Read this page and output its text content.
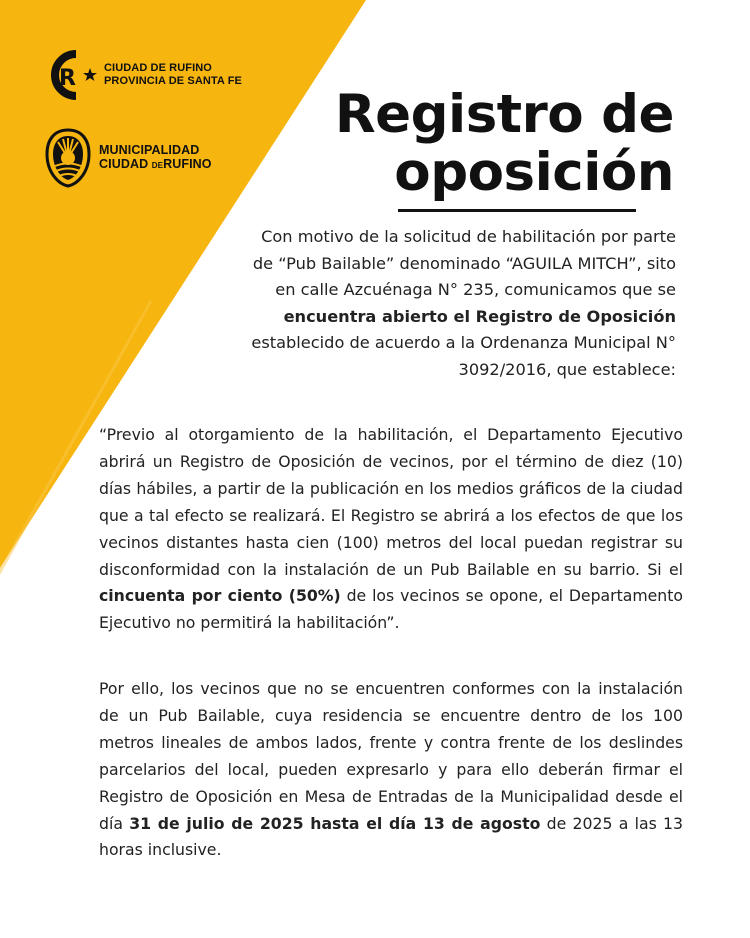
R	CIUDAD DE RUFINO
PROVINCIA DE SANTA FE
MUNICIPALIDAD
CIUDAD DERUFINO
Registro de
oposición
Con motivo de la solicitud de habilitación por parte de “Pub Bailable” denominado “AGUILA MITCH”, sito en calle Azcuénaga N° 235, comunicamos que se encuentra abierto el Registro de Oposición establecido de acuerdo a la Ordenanza Municipal N° 3092/2016, que establece:
“Previo al otorgamiento de la habilitación, el Departamento Ejecutivo abrirá un Registro de Oposición de vecinos, por el término de diez (10) días hábiles, a partir de la publicación en los medios gráficos de la ciudad que a tal efecto se realizará. El Registro se abrirá a los efectos de que los vecinos distantes hasta cien (100) metros del local puedan registrar su disconformidad con la instalación de un Pub Bailable en su barrio. Si el cincuenta por ciento (50%) de los vecinos se opone, el Departamento Ejecutivo no permitirá la habilitación”.
Por ello, los vecinos que no se encuentren conformes con la instalación de un Pub Bailable, cuya residencia se encuentre dentro de los 100 metros lineales de ambos lados, frente y contra frente de los deslindes parcelarios del local, pueden expresarlo y para ello deberán firmar el Registro de Oposición en Mesa de Entradas de la Municipalidad desde el día 31 de julio de 2025 hasta el día 13 de agosto de 2025 a las 13 horas inclusive.
